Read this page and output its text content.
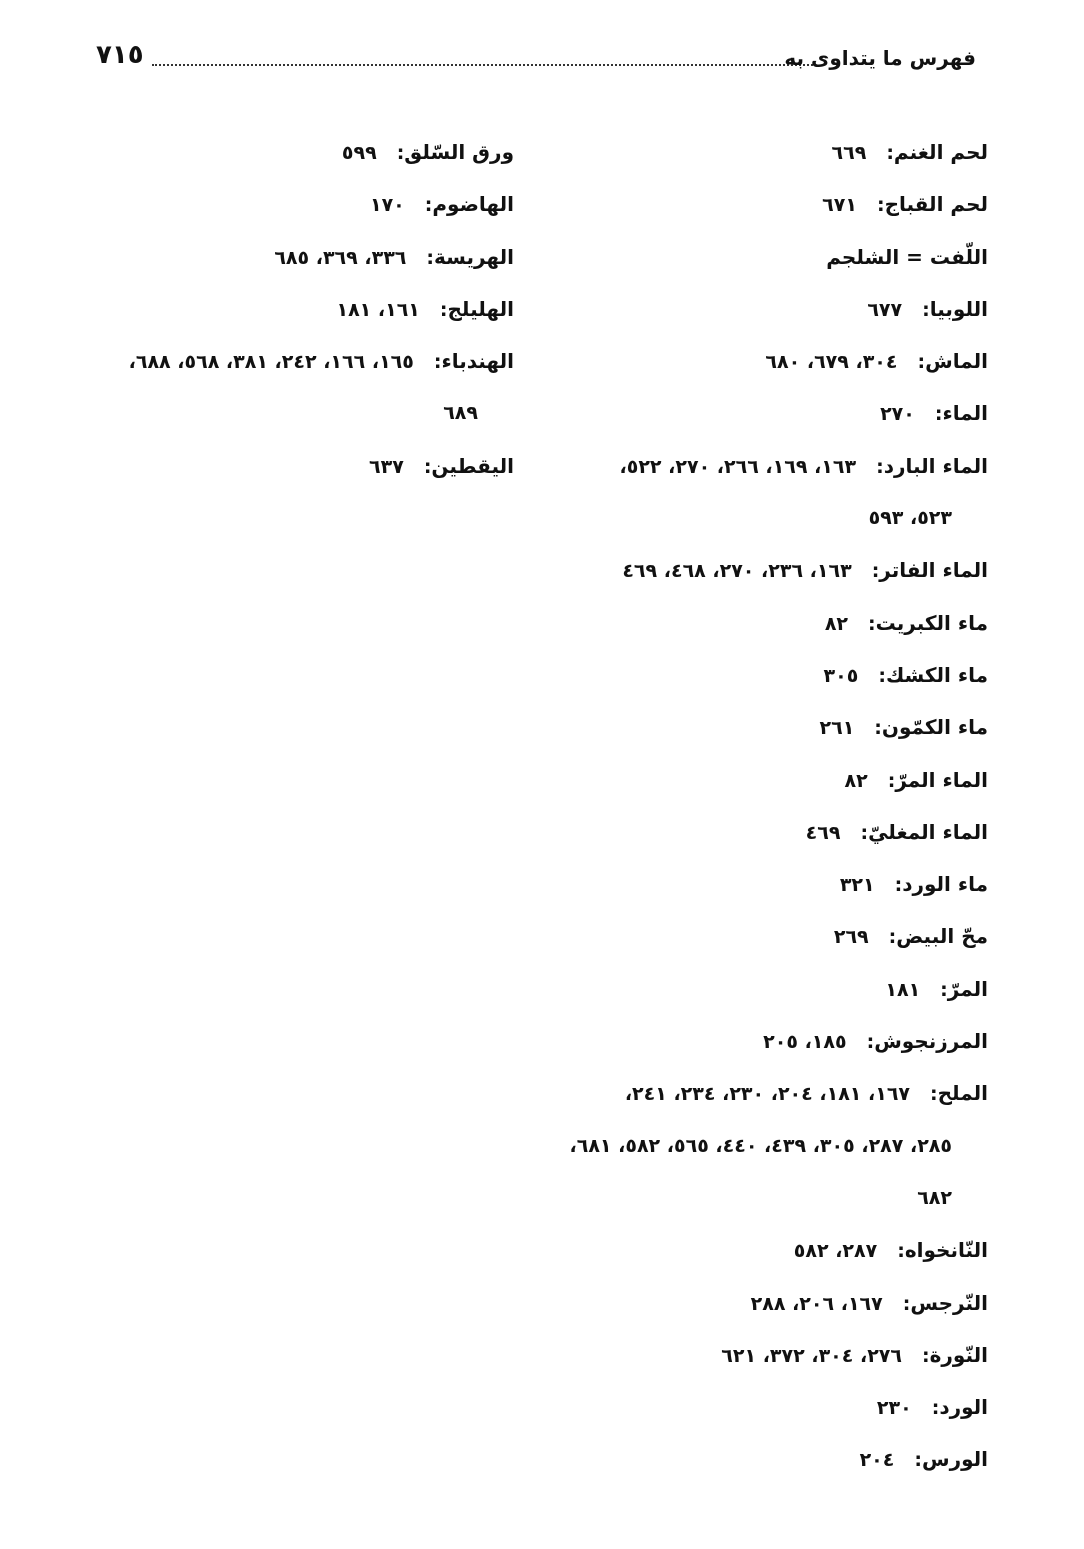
٧١٥	فهرس ما يتداوى به
لحم الغنم:٦٦٩
لحم القباج:٦٧١
اللّفت = الشلجم
اللوبيا:٦٧٧
الماش:٣٠٤، ٦٧٩، ٦٨٠
الماء:٢٧٠
الماء البارد:١٦٣، ١٦٩، ٢٦٦، ٢٧٠، ٥٢٢،
٥٢٣، ٥٩٣
الماء الفاتر:١٦٣، ٢٣٦، ٢٧٠، ٤٦٨، ٤٦٩
ماء الكبريت:٨٢
ماء الكشك:٣٠٥
ماء الكمّون:٢٦١
الماء المرّ:٨٢
الماء المغليّ:٤٦٩
ماء الورد:٣٢١
محّ البيض:٢٦٩
المرّ:١٨١
المرزنجوش:١٨٥، ٢٠٥
الملح:١٦٧، ١٨١، ٢٠٤، ٢٣٠، ٢٣٤، ٢٤١،
٢٨٥، ٢٨٧، ٣٠٥، ٤٣٩، ٤٤٠، ٥٦٥، ٥٨٢، ٦٨١،
٦٨٢
النّانخواه:٢٨٧، ٥٨٢
النّرجس:١٦٧، ٢٠٦، ٢٨٨
النّورة:٢٧٦، ٣٠٤، ٣٧٢، ٦٢١
الورد:٢٣٠
الورس:٢٠٤
ورق السّلق:٥٩٩
الهاضوم:١٧٠
الهريسة:٣٣٦، ٣٦٩، ٦٨٥
الهليلج:١٦١، ١٨١
الهندباء:١٦٥، ١٦٦، ٢٤٢، ٣٨١، ٥٦٨، ٦٨٨،
٦٨٩
اليقطين:٦٣٧
